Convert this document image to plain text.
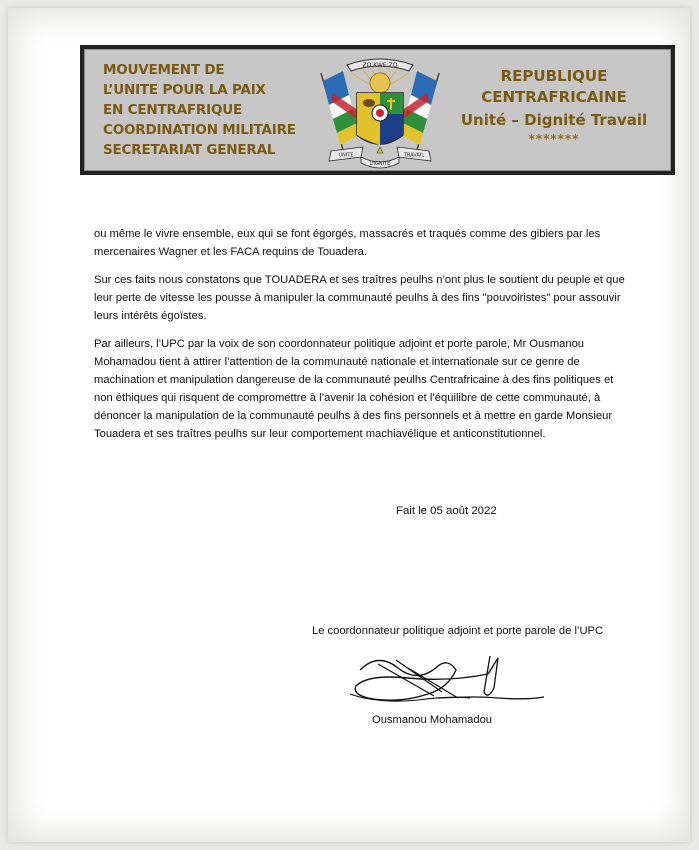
MOUVEMENT DE
L’UNITE POUR LA PAIX
EN CENTRAFRIQUE
COORDINATION MILITAIRE
SECRETARIAT GENERAL
ZO KWE ZO
UNITE	TRAVAIL
DIGNITE
REPUBLIQUE
CENTRAFRICAINE
Unité – Dignité Travail
*******

ou même le vivre ensemble, eux qui se font égorgés, massacrés et traqués comme des gibiers par les mercenaires Wagner et les FACA requins de Touadera.

Sur ces faits nous constatons que TOUADERA et ses traîtres peulhs n’ont plus le soutient du peuple et que leur perte de vitesse les pousse à manipuler la communauté peulhs à des fins "pouvoiristes" pour assouvir leurs intérêts égoïstes.

Par ailleurs, l’UPC par la voix de son coordonnateur politique adjoint et porte parole, Mr Ousmanou Mohamadou tient à attirer l’attention de la communauté nationale et internationale sur ce genre de machination et manipulation dangereuse de la communauté peulhs Centrafricaine à des fins politiques et non éthiques qui risquent de compromettre à l’avenir la cohésion et l’équilibre de cette communauté, à dénoncer la manipulation de la communauté peulhs à des fins personnels et à mettre en garde Monsieur Touadera et ses traîtres peulhs sur leur comportement machiavélique et anticonstitutionnel.

Fait le 05 août 2022
Le coordonnateur politique adjoint et porte parole de l’UPC
Ousmanou Mohamadou
